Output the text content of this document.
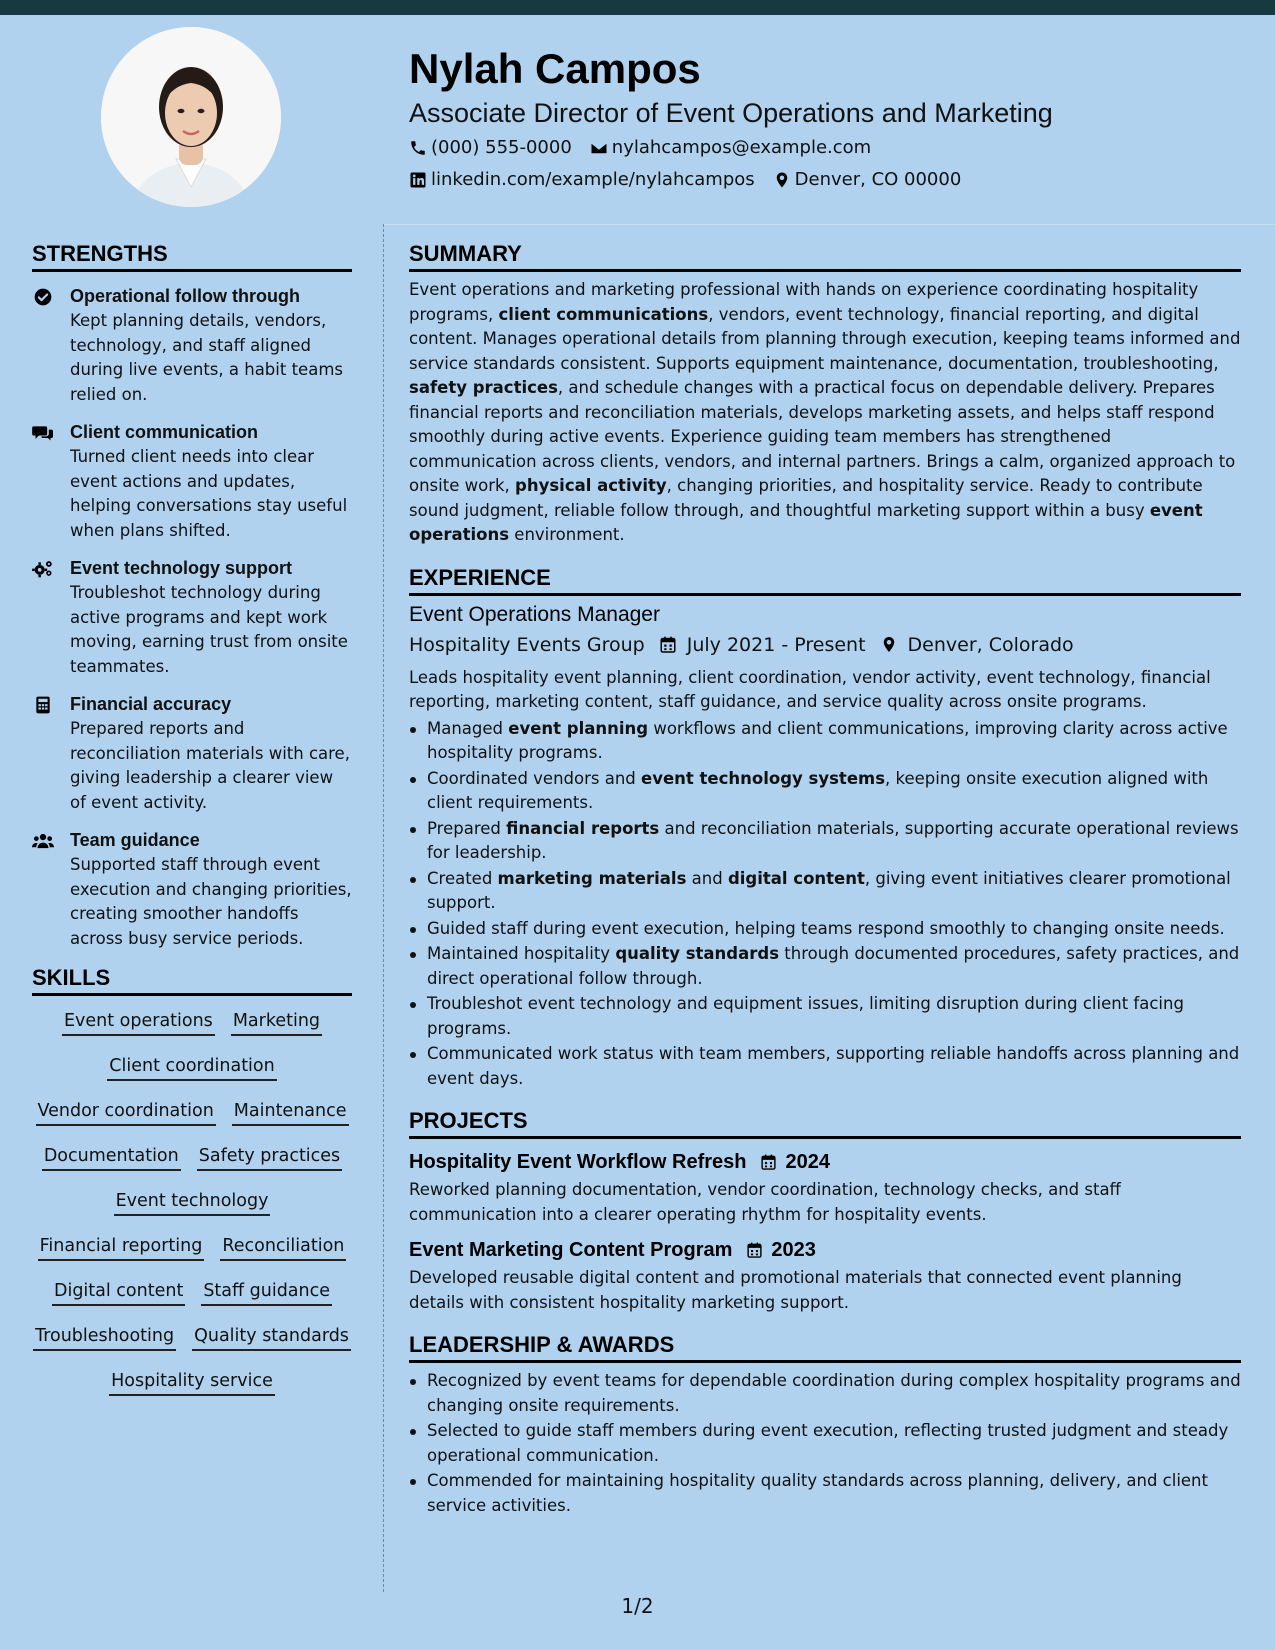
Nylah Campos
Associate Director of Event Operations and Marketing
(000) 555-0000 nylahcampos@example.com
linkedin.com/example/nylahcampos Denver, CO 00000
STRENGTHS
Operational follow through
Kept planning details, vendors, technology, and staff aligned during live events, a habit teams relied on.
Client communication
Turned client needs into clear event actions and updates, helping conversations stay useful when plans shifted.
Event technology support
Troubleshot technology during active programs and kept work moving, earning trust from onsite teammates.
Financial accuracy
Prepared reports and reconciliation materials with care, giving leadership a clearer view of event activity.
Team guidance
Supported staff through event execution and changing priorities, creating smoother handoffs across busy service periods.
SKILLS
Event operations Marketing
Client coordination
Vendor coordination Maintenance
Documentation Safety practices
Event technology
Financial reporting Reconciliation
Digital content Staff guidance
Troubleshooting Quality standards
Hospitality service
SUMMARY
Event operations and marketing professional with hands on experience coordinating hospitality programs, client communications, vendors, event technology, financial reporting, and digital content. Manages operational details from planning through execution, keeping teams informed and service standards consistent. Supports equipment maintenance, documentation, troubleshooting, safety practices, and schedule changes with a practical focus on dependable delivery. Prepares financial reports and reconciliation materials, develops marketing assets, and helps staff respond smoothly during active events. Experience guiding team members has strengthened communication across clients, vendors, and internal partners. Brings a calm, organized approach to onsite work, physical activity, changing priorities, and hospitality service. Ready to contribute sound judgment, reliable follow through, and thoughtful marketing support within a busy event operations environment.
EXPERIENCE
Event Operations Manager
Hospitality Events Group July 2021 - Present Denver, Colorado
Leads hospitality event planning, client coordination, vendor activity, event technology, financial reporting, marketing content, staff guidance, and service quality across onsite programs.
Managed event planning workflows and client communications, improving clarity across active hospitality programs.
Coordinated vendors and event technology systems, keeping onsite execution aligned with client requirements.
Prepared financial reports and reconciliation materials, supporting accurate operational reviews for leadership.
Created marketing materials and digital content, giving event initiatives clearer promotional support.
Guided staff during event execution, helping teams respond smoothly to changing onsite needs.
Maintained hospitality quality standards through documented procedures, safety practices, and direct operational follow through.
Troubleshot event technology and equipment issues, limiting disruption during client facing programs.
Communicated work status with team members, supporting reliable handoffs across planning and event days.
PROJECTS
Hospitality Event Workflow Refresh 2024
Reworked planning documentation, vendor coordination, technology checks, and staff communication into a clearer operating rhythm for hospitality events.
Event Marketing Content Program 2023
Developed reusable digital content and promotional materials that connected event planning details with consistent hospitality marketing support.
LEADERSHIP & AWARDS
Recognized by event teams for dependable coordination during complex hospitality programs and changing onsite requirements.
Selected to guide staff members during event execution, reflecting trusted judgment and steady operational communication.
Commended for maintaining hospitality quality standards across planning, delivery, and client service activities.
1/2
